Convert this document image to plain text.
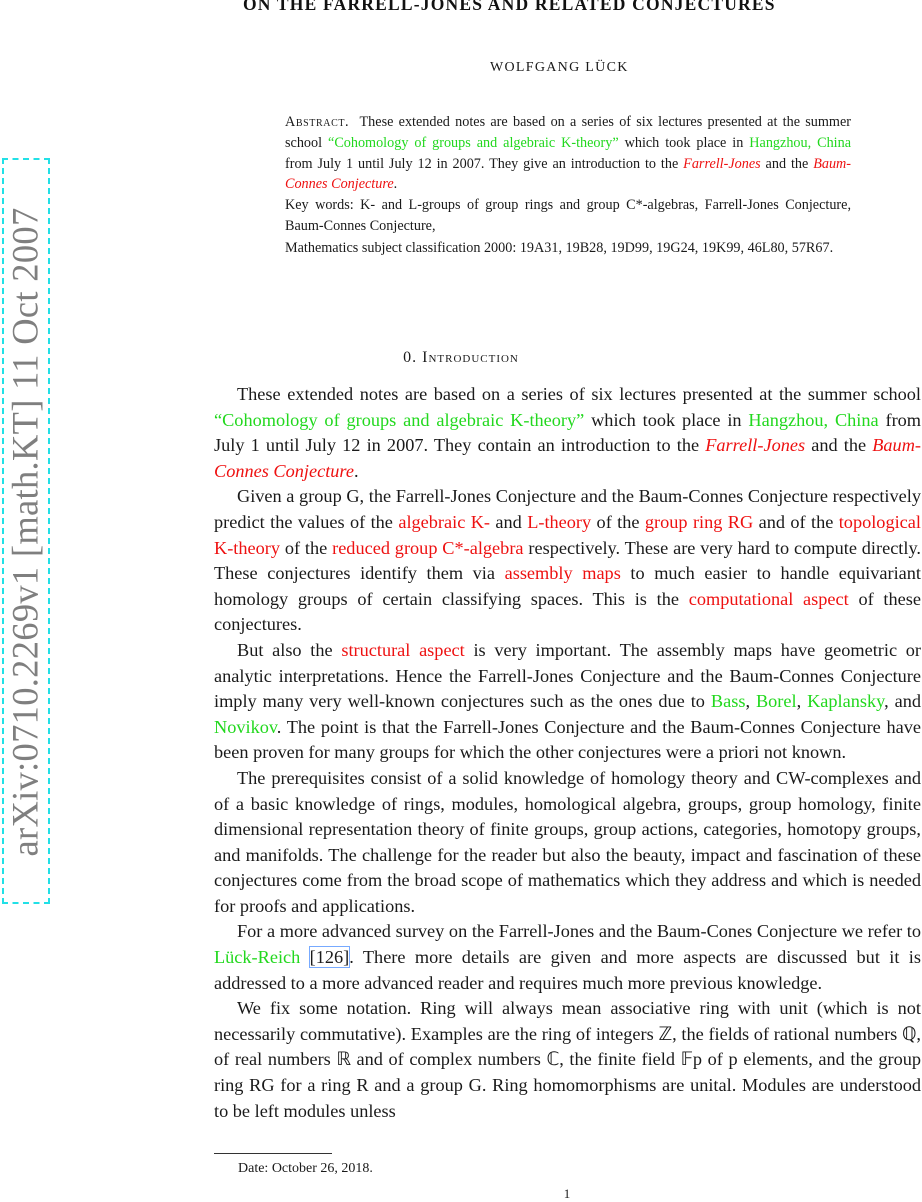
arXiv:0710.2269v1 [math.KT] 11 Oct 2007
ON THE FARRELL-JONES AND RELATED CONJECTURES
WOLFGANG LÜCK
Abstract. These extended notes are based on a series of six lectures presented at the summer school “Cohomology of groups and algebraic K-theory” which took place in Hangzhou, China from July 1 until July 12 in 2007. They give an introduction to the Farrell-Jones and the Baum-Connes Conjecture.
Key words: K- and L-groups of group rings and group C*-algebras, Farrell-Jones Conjecture, Baum-Connes Conjecture,
Mathematics subject classification 2000: 19A31, 19B28, 19D99, 19G24, 19K99, 46L80, 57R67.
0. Introduction

These extended notes are based on a series of six lectures presented at the summer school “Cohomology of groups and algebraic K-theory” which took place in Hangzhou, China from July 1 until July 12 in 2007. They contain an introduction to the Farrell-Jones and the Baum-Connes Conjecture.

Given a group G, the Farrell-Jones Conjecture and the Baum-Connes Conjecture respectively predict the values of the algebraic K- and L-theory of the group ring RG and of the topological K-theory of the reduced group C*-algebra respectively. These are very hard to compute directly. These conjectures identify them via assembly maps to much easier to handle equivariant homology groups of certain classifying spaces. This is the computational aspect of these conjectures.

But also the structural aspect is very important. The assembly maps have geometric or analytic interpretations. Hence the Farrell-Jones Conjecture and the Baum-Connes Conjecture imply many very well-known conjectures such as the ones due to Bass, Borel, Kaplansky, and Novikov. The point is that the Farrell-Jones Conjecture and the Baum-Connes Conjecture have been proven for many groups for which the other conjectures were a priori not known.

The prerequisites consist of a solid knowledge of homology theory and CW-complexes and of a basic knowledge of rings, modules, homological algebra, groups, group homology, finite dimensional representation theory of finite groups, group actions, categories, homotopy groups, and manifolds. The challenge for the reader but also the beauty, impact and fascination of these conjectures come from the broad scope of mathematics which they address and which is needed for proofs and applications.

For a more advanced survey on the Farrell-Jones and the Baum-Cones Conjecture we refer to Lück-Reich [126]. There more details are given and more aspects are discussed but it is addressed to a more advanced reader and requires much more previous knowledge.

We fix some notation. Ring will always mean associative ring with unit (which is not necessarily commutative). Examples are the ring of integers ℤ, the fields of rational numbers ℚ, of real numbers ℝ and of complex numbers ℂ, the finite field 𝔽p of p elements, and the group ring RG for a ring R and a group G. Ring homomorphisms are unital. Modules are understood to be left modules unless

Date: October 26, 2018.
1
